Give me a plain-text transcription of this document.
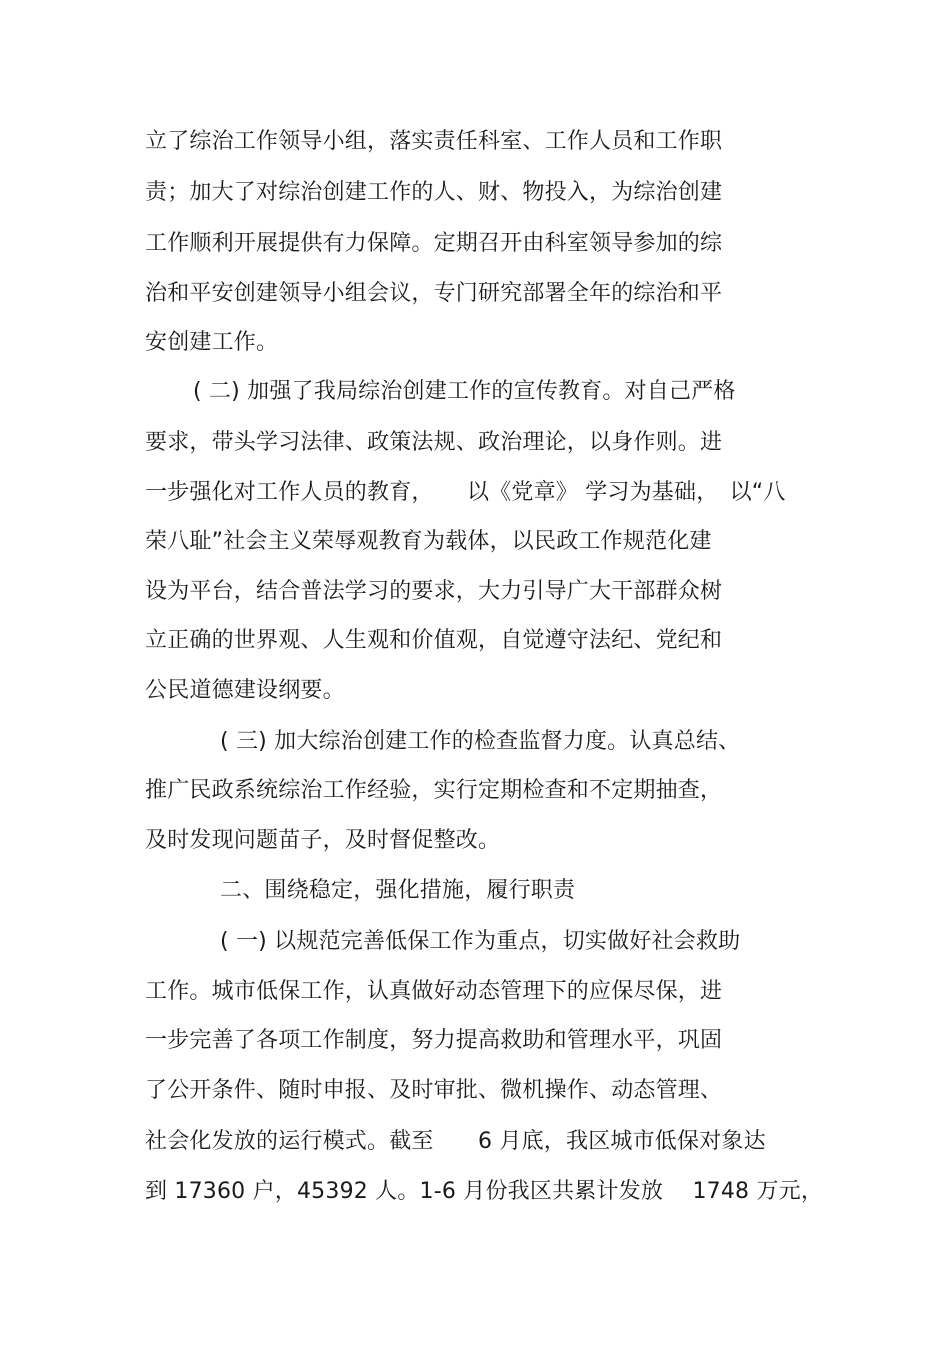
立了综治工作领导小组，落实责任科室、工作人员和工作职
责；加大了对综治创建工作的人、财、物投入，为综治创建
工作顺利开展提供有力保障。定期召开由科室领导参加的综
治和平安创建领导小组会议，专门研究部署全年的综治和平
安创建工作。
( 二) 加强了我局综治创建工作的宣传教育。对自己严格
要求，带头学习法律、政策法规、政治理论，以身作则。进
一步强化对工作人员的教育，　　以《党章》 学习为基础，　以“八
荣八耻”社会主义荣辱观教育为载体，以民政工作规范化建
设为平台，结合普法学习的要求，大力引导广大干部群众树
立正确的世界观、人生观和价值观，自觉遵守法纪、党纪和
公民道德建设纲要。
( 三) 加大综治创建工作的检查监督力度。认真总结、
推广民政系统综治工作经验，实行定期检查和不定期抽查，
及时发现问题苗子，及时督促整改。
二、围绕稳定，强化措施，履行职责
( 一) 以规范完善低保工作为重点，切实做好社会救助
工作。城市低保工作，认真做好动态管理下的应保尽保，进
一步完善了各项工作制度，努力提高救助和管理水平，巩固
了公开条件、随时申报、及时审批、微机操作、动态管理、
社会化发放的运行模式。截至　　6 月底，我区城市低保对象达
到 17360 户，45392 人。1-6 月份我区共累计发放　 1748 万元，
